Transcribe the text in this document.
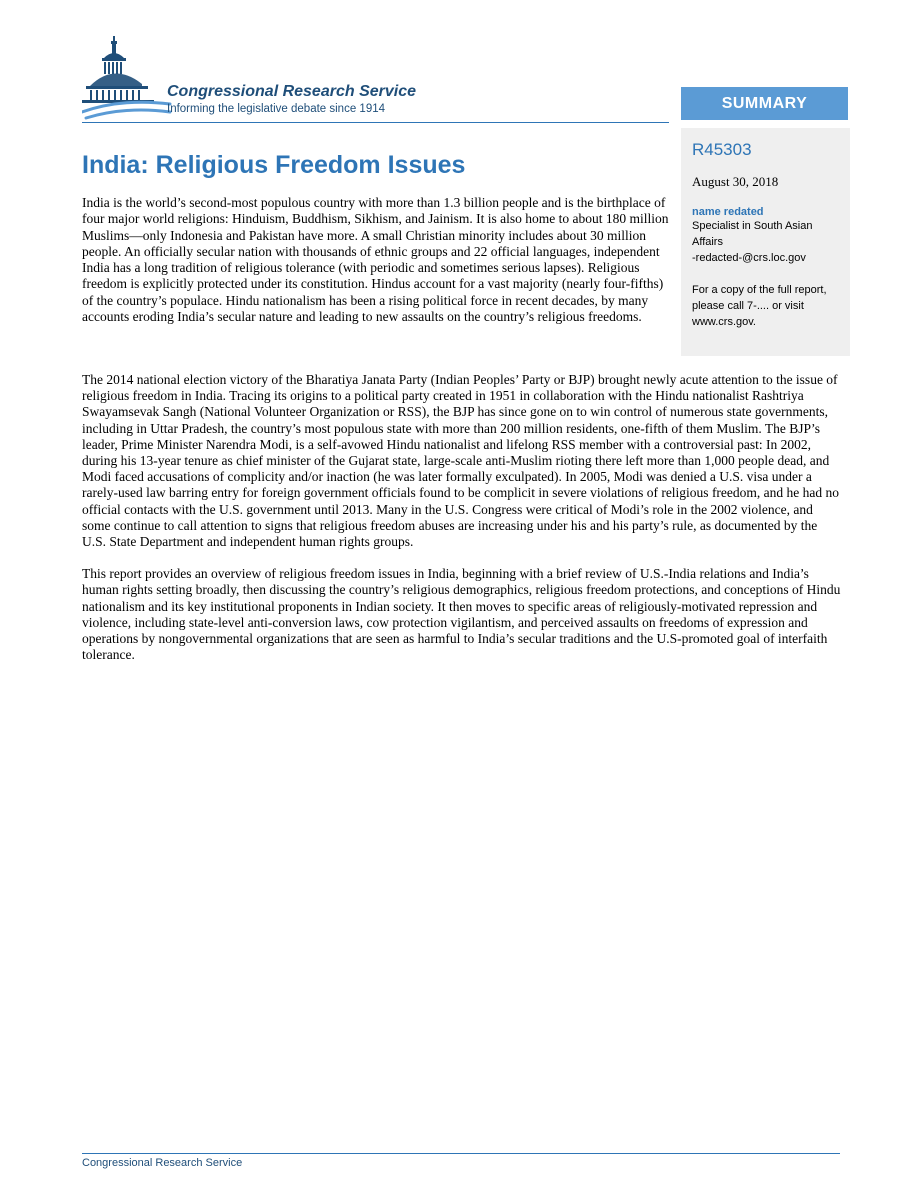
Congressional Research Service
Informing the legislative debate since 1914	SUMMARY
R45303
August 30, 2018
name redated
Specialist in South Asian
Affairs
-redacted-@crs.loc.gov
For a copy of the full report,
please call 7-.... or visit
www.crs.gov.
India: Religious Freedom Issues

India is the world’s second-most populous country with more than 1.3 billion people and is the birthplace of four major world religions: Hinduism, Buddhism, Sikhism, and Jainism. It is also home to about 180 million Muslims—only Indonesia and Pakistan have more. A small Christian minority includes about 30 million people. An officially secular nation with thousands of ethnic groups and 22 official languages, independent India has a long tradition of religious tolerance (with periodic and sometimes serious lapses). Religious freedom is explicitly protected under its constitution. Hindus account for a vast majority (nearly four-fifths) of the country’s populace. Hindu nationalism has been a rising political force in recent decades, by many accounts eroding India’s secular nature and leading to new assaults on the country’s religious freedoms.

The 2014 national election victory of the Bharatiya Janata Party (Indian Peoples’ Party or BJP) brought newly acute attention to the issue of religious freedom in India. Tracing its origins to a political party created in 1951 in collaboration with the Hindu nationalist Rashtriya Swayamsevak Sangh (National Volunteer Organization or RSS), the BJP has since gone on to win control of numerous state governments, including in Uttar Pradesh, the country’s most populous state with more than 200 million residents, one-fifth of them Muslim. The BJP’s leader, Prime Minister Narendra Modi, is a self-avowed Hindu nationalist and lifelong RSS member with a controversial past: In 2002, during his 13-year tenure as chief minister of the Gujarat state, large-scale anti-Muslim rioting there left more than 1,000 people dead, and Modi faced accusations of complicity and/or inaction (he was later formally exculpated). In 2005, Modi was denied a U.S. visa under a rarely-used law barring entry for foreign government officials found to be complicit in severe violations of religious freedom, and he had no official contacts with the U.S. government until 2013. Many in the U.S. Congress were critical of Modi’s role in the 2002 violence, and some continue to call attention to signs that religious freedom abuses are increasing under his and his party’s rule, as documented by the U.S. State Department and independent human rights groups.

This report provides an overview of religious freedom issues in India, beginning with a brief review of U.S.-India relations and India’s human rights setting broadly, then discussing the country’s religious demographics, religious freedom protections, and conceptions of Hindu nationalism and its key institutional proponents in Indian society. It then moves to specific areas of religiously-motivated repression and violence, including state-level anti-conversion laws, cow protection vigilantism, and perceived assaults on freedoms of expression and operations by nongovernmental organizations that are seen as harmful to India’s secular traditions and the U.S-promoted goal of interfaith tolerance.

Congressional Research Service
